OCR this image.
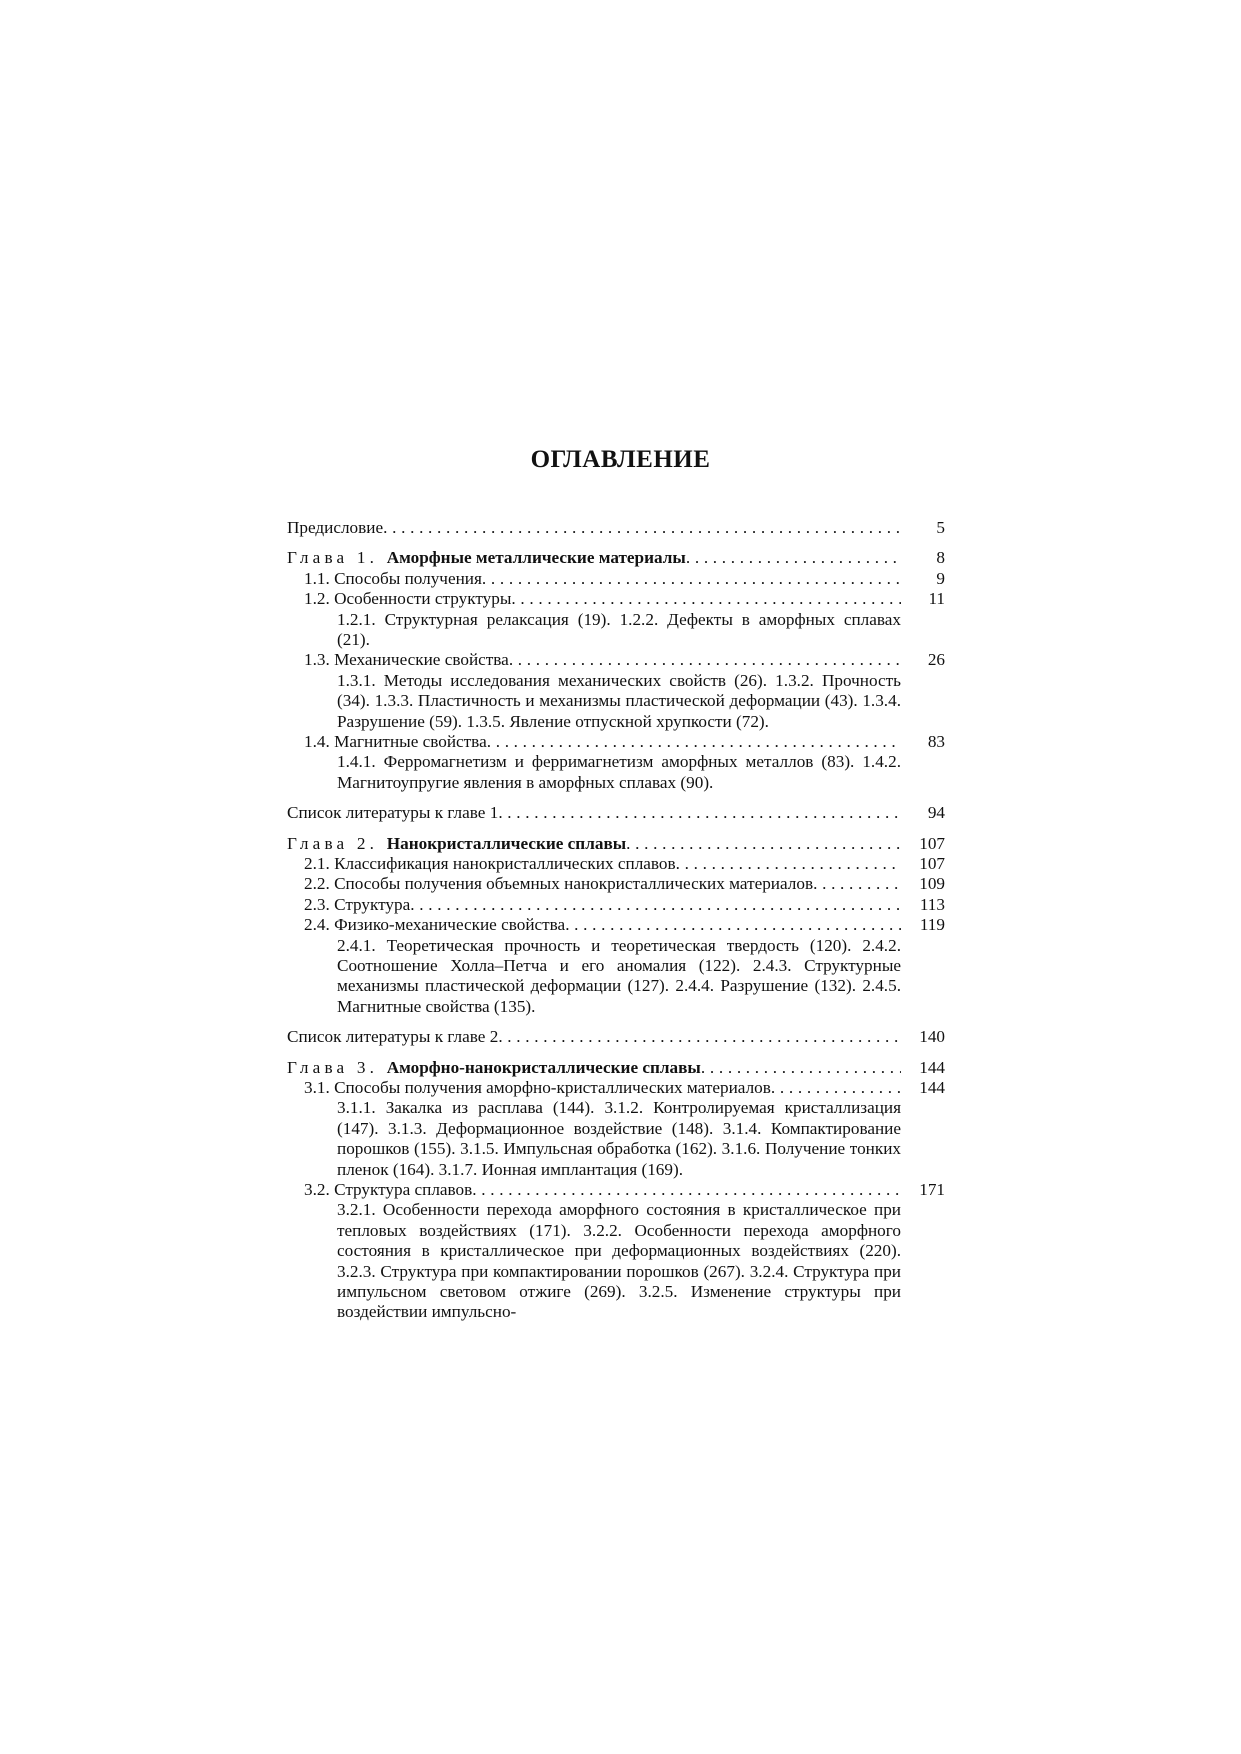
ОГЛАВЛЕНИЕ
Предисловие . . .	5
Глава 1. Аморфные металлические материалы . . .	8
1.1. Способы получения . . .	9
1.2. Особенности структуры . . .	11
1.2.1. Структурная релаксация (19). 1.2.2. Дефекты в аморфных сплавах (21).
1.3. Механические свойства . . .	26
1.3.1. Методы исследования механических свойств (26). 1.3.2. Прочность (34). 1.3.3. Пластичность и механизмы пластической деформации (43). 1.3.4. Разрушение (59). 1.3.5. Явление отпускной хрупкости (72).
1.4. Магнитные свойства . . .	83
1.4.1. Ферромагнетизм и ферримагнетизм аморфных металлов (83). 1.4.2. Магнитоупругие явления в аморфных сплавах (90).
Список литературы к главе 1 . . .	94
Глава 2. Нанокристаллические сплавы . . .	107
2.1. Классификация нанокристаллических сплавов . . .	107
2.2. Способы получения объемных нанокристаллических материалов . . .	109
2.3. Структура . . .	113
2.4. Физико-механические свойства . . .	119
2.4.1. Теоретическая прочность и теоретическая твердость (120). 2.4.2. Соотношение Холла–Петча и его аномалия (122). 2.4.3. Структурные механизмы пластической деформации (127). 2.4.4. Разрушение (132). 2.4.5. Магнитные свойства (135).
Список литературы к главе 2 . . .	140
Глава 3. Аморфно-нанокристаллические сплавы . . .	144
3.1. Способы получения аморфно-кристаллических материалов . . .	144
3.1.1. Закалка из расплава (144). 3.1.2. Контролируемая кристаллизация (147). 3.1.3. Деформационное воздействие (148). 3.1.4. Компактирование порошков (155). 3.1.5. Импульсная обработка (162). 3.1.6. Получение тонких пленок (164). 3.1.7. Ионная имплантация (169).
3.2. Структура сплавов . . .	171
3.2.1. Особенности перехода аморфного состояния в кристаллическое при тепловых воздействиях (171). 3.2.2. Особенности перехода аморфного состояния в кристаллическое при деформационных воздействиях (220). 3.2.3. Структура при компактировании порошков (267). 3.2.4. Структура при импульсном световом отжиге (269). 3.2.5. Изменение структуры при воздействии импульсно-
